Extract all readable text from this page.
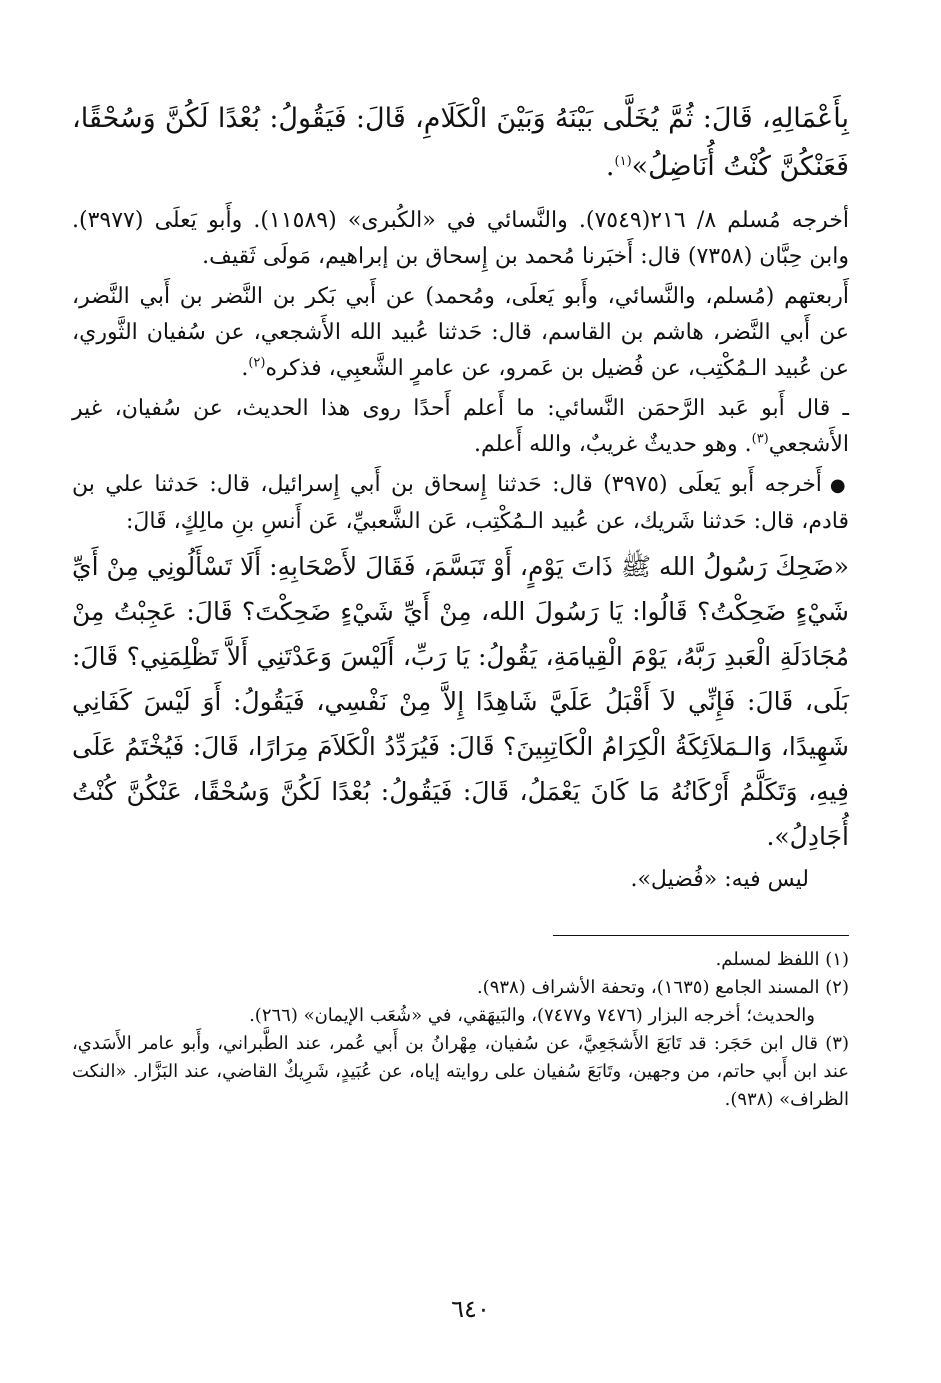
بِأَعْمَالِهِ، قَالَ: ثُمَّ يُخَلَّى بَيْنَهُ وَبَيْنَ الْكَلَامِ، قَالَ: فَيَقُولُ: بُعْدًا لَكُنَّ وَسُحْقًا، فَعَنْكُنَّ كُنْتُ أُنَاضِلُ»$^{(١)}$.

أخرجه مُسلم ٨/ ٢١٦(٧٥٤٩). والنَّسائي في «الكُبرى» (١١٥٨٩). وأَبو يَعلَى (٣٩٧٧). وابن حِبَّان (٧٣٥٨) قال: أَخبَرنا مُحمد بن إِسحاق بن إبراهيم، مَولَى ثَقيف.

أَربعتهم (مُسلم، والنَّسائي، وأَبو يَعلَى، ومُحمد) عن أَبي بَكر بن النَّضر بن أَبي النَّضر، عن أَبي النَّضر، هاشم بن القاسم، قال: حَدثنا عُبيد الله الأَشجعي، عن سُفيان الثَّوري، عن عُبيد الـمُكْتِب، عن فُضيل بن عَمرو، عن عامرٍ الشَّعبِي، فذكره$^{(٢)}$.

ـ قال أَبو عَبد الرَّحمَن النَّسائي: ما أَعلم أَحدًا روى هذا الحديث، عن سُفيان، غير الأَشجعي$^{(٣)}$. وهو حديثٌ غريبٌ، والله أَعلم.

●أَخرجه أَبو يَعلَى (٣٩٧٥) قال: حَدثنا إِسحاق بن أَبي إِسرائيل، قال: حَدثنا علي بن قادم، قال: حَدثنا شَريك، عن عُبيد الـمُكْتِب، عَن الشَّعبيِّ، عَن أَنسِ بنِ مالِكٍ، قَالَ:

«ضَحِكَ رَسُولُ الله ﷺ ذَاتَ يَوْمٍ، أَوْ تَبَسَّمَ، فَقَالَ لأَصْحَابِهِ: أَلَا تَسْأَلُونِي مِنْ أَيِّ شَيْءٍ ضَحِكْتُ؟ قَالُوا: يَا رَسُولَ الله، مِنْ أَيِّ شَيْءٍ ضَحِكْتَ؟ قَالَ: عَجِبْتُ مِنْ مُجَادَلَةِ الْعَبدِ رَبَّهُ، يَوْمَ الْقِيامَةِ، يَقُولُ: يَا رَبِّ، أَلَيْسَ وَعَدْتَنِي أَلاَّ تَظْلِمَنِي؟ قَالَ: بَلَى، قَالَ: فَإِنِّي لاَ أَقْبَلُ عَلَيَّ شَاهِدًا إِلاَّ مِنْ نَفْسِي، فَيَقُولُ: أَوَ لَيْسَ كَفَانِي شَهِيدًا، وَالـمَلاَئِكَةُ الْكِرَامُ الْكَاتِبِينَ؟ قَالَ: فَيُرَدِّدُ الْكَلاَمَ مِرَارًا، قَالَ: فَيُخْتَمُ عَلَى فِيهِ، وَتَكَلَّمُ أَرْكَانُهُ مَا كَانَ يَعْمَلُ، قَالَ: فَيَقُولُ: بُعْدًا لَكُنَّ وَسُحْقًا، عَنْكُنَّ كُنْتُ أُجَادِلُ».

ليس فيه: «فُضيل».

(١) اللفظ لمسلم.

(٢) المسند الجامع (١٦٣٥)، وتحفة الأشراف (٩٣٨).

والحديث؛ أخرجه البزار (٧٤٧٦ و٧٤٧٧)، والبَيهَقي، في «شُعَب الإيمان» (٢٦٦).

(٣) قال ابن حَجَر: قد تَابَعَ الأَشجَعِيَّ، عن سُفيان، مِهْرانُ بن أَبي عُمر، عند الطَّبراني، وأَبو عامر الأَسَدي، عند ابن أَبي حاتم، من وجهين، وتَابَعَ سُفيان على روايته إياه، عن عُبَيدٍ، شَرِيكٌ القاضي، عند البَزَّار. «النكت الظراف» (٩٣٨).

٦٤٠
